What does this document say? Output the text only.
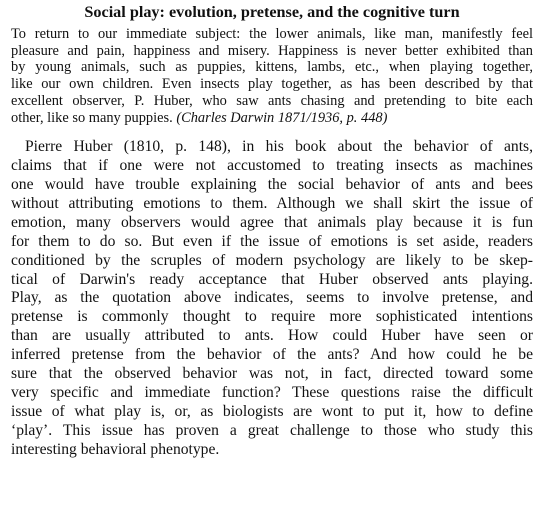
Social play: evolution, pretense, and the cognitive turn
To return to our immediate subject: the lower animals, like man, manifestly feel
pleasure and pain, happiness and misery. Happiness is never better exhibited than
by young animals, such as puppies, kittens, lambs, etc., when playing together,
like our own children. Even insects play together, as has been described by that
excellent observer, P. Huber, who saw ants chasing and pretending to bite each
other, like so many puppies. (Charles Darwin 1871/1936, p. 448)
Pierre Huber (1810, p. 148), in his book about the behavior of ants,
claims that if one were not accustomed to treating insects as machines
one would have trouble explaining the social behavior of ants and bees
without attributing emotions to them. Although we shall skirt the issue of
emotion, many observers would agree that animals play because it is fun
for them to do so. But even if the issue of emotions is set aside, readers
conditioned by the scruples of modern psychology are likely to be skep-
tical of Darwin's ready acceptance that Huber observed ants playing.
Play, as the quotation above indicates, seems to involve pretense, and
pretense is commonly thought to require more sophisticated intentions
than are usually attributed to ants. How could Huber have seen or
inferred pretense from the behavior of the ants? And how could he be
sure that the observed behavior was not, in fact, directed toward some
very specific and immediate function? These questions raise the difficult
issue of what play is, or, as biologists are wont to put it, how to define
‘play’. This issue has proven a great challenge to those who study this
interesting behavioral phenotype.
